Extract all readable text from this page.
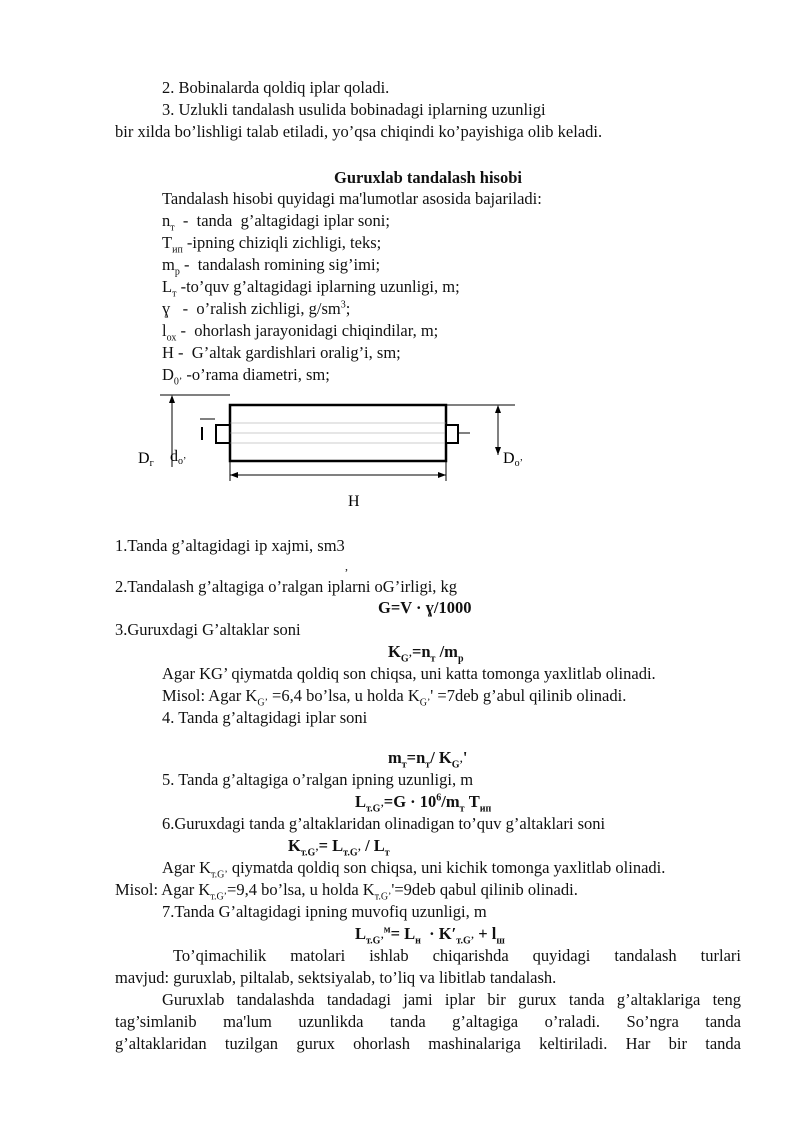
2. Bobinalarda qoldiq iplar qoladi.
3. Uzlukli tandalash usulida bobinadagi iplarning uzunligi
bir xilda bo’lishligi talab etiladi, yo’qsa chiqindi ko’payishiga olib keladi.
Guruxlab tandalash hisobi
Tandalash hisobi quyidagi ma'lumotlar asosida bajariladi:
$n_т$  -  tanda  g’altagidagi iplar soni;
$T_{ип}$ -ipning chiziqli zichligi, teks;
$m_р$ -  tandalash romining sig’imi;
$L_т$ -to’quv g’altagidagi iplarning uzunligi, m;
ɣ   -  o’ralish zichligi, $g/sm^3$;
$l_{ох}$ -  ohorlash jarayonidagi chiqindilar, m;
H -  G’altak gardishlari oralig’i, sm;
$D_{0’}$ -o’rama diametri, sm;
Dг dо’	Dо’
H
1.Tanda g’altagidagi ip xajmi, sm3
,
2.Tandalash g’altagiga o’ralgan iplarni oG’irligi, kg
G=V · ɣ/1000
3.Guruxdagi G’altaklar soni
$K_{G’}=n_т$ $/m_р$
Agar KG’ qiymatda qoldiq son chiqsa, uni katta tomonga yaxlitlab olinadi.
Misol: Agar $K_{G’} =6,4$ bo’lsa, u holda $K_{G’}' =7deb$ g’abul qilinib olinadi.
4. Tanda g’altagidagi iplar soni
$m_т=n_т/$ $K_{G’}'$
5. Tanda g’altagiga o’ralgan ipning uzunligi, m
$L_{т.G’}=G \cdot 10^6/m_т$ $T_{ип}$
6.Guruxdagi tanda g’altaklaridan olinadigan to’quv g’altaklari soni
$K_{т.G’}= L_{т.G’} / L_т$
Agar $K_{т.G’}$ qiymatda qoldiq son chiqsa, uni kichik tomonga yaxlitlab olinadi.
Misol: Agar $K_{т.G’}=9,4$ bo’lsa, u holda $K_{т.G’}'=9deb$ qabul qilinib olinadi.
7.Tanda G’altagidagi ipning muvofiq uzunligi, m
$L_{т.G’}^м= L_н \cdot K'_{т.G’} + l_ш$
To’qimachilik matolari ishlab chiqarishda quyidagi tandalash turlari
mavjud: guruxlab, piltalab, sektsiyalab, to’liq va libitlab tandalash.
Guruxlab tandalashda tandadagi jami iplar bir gurux tanda g’altaklariga teng
tag’simlanib ma'lum uzunlikda tanda g’altagiga o’raladi. So’ngra tanda
g’altaklaridan tuzilgan gurux ohorlash mashinalariga keltiriladi. Har bir tanda
